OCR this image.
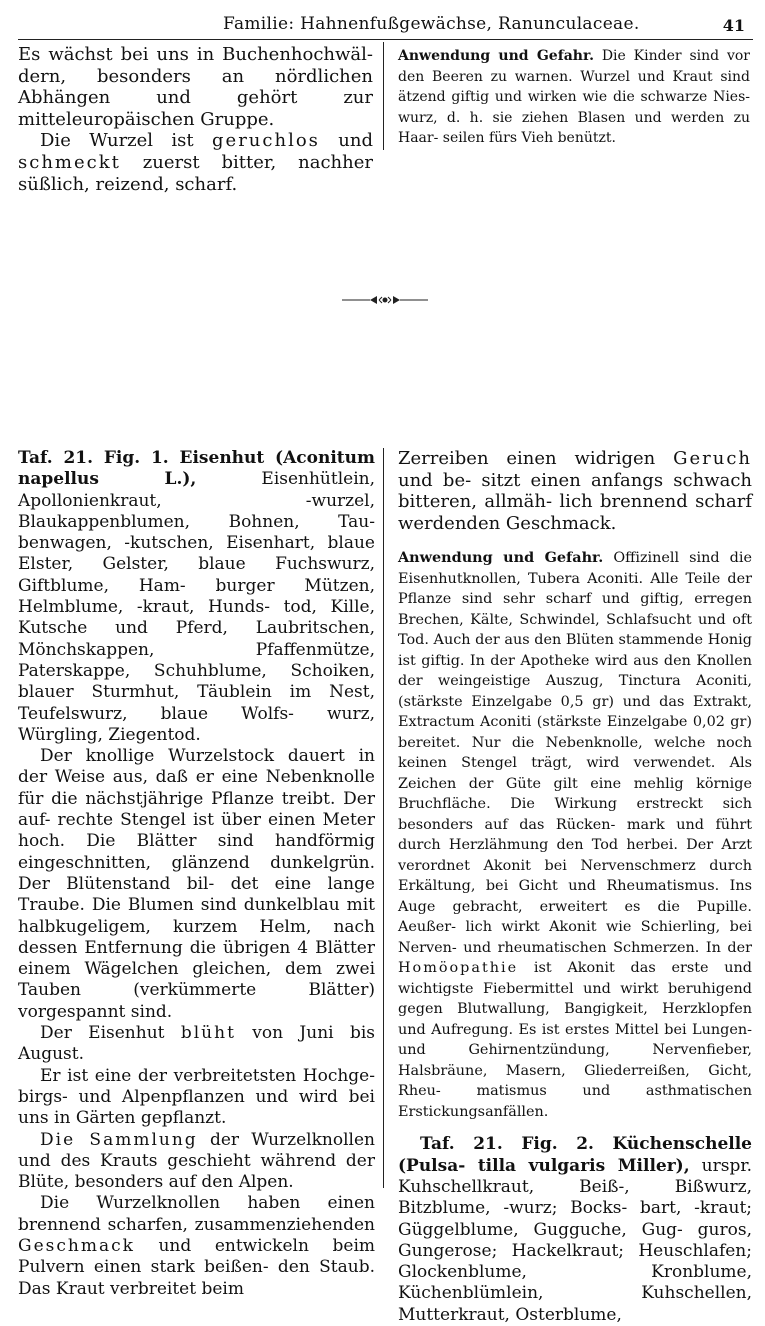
Familie: Hahnenfußgewächse, Ranunculaceae.	41

Es wächst bei uns in Buchenhochwäl- dern, besonders an nördlichen Abhängen und gehört zur mitteleuropäischen Gruppe.

Die Wurzel ist geruchlos und schmeckt zuerst bitter, nachher süßlich, reizend, scharf.

Anwendung und Gefahr. Die Kinder sind vor den Beeren zu warnen. Wurzel und Kraut sind ätzend giftig und wirken wie die schwarze Nies- wurz, d. h. sie ziehen Blasen und werden zu Haar- seilen fürs Vieh benützt.

Taf. 21. Fig. 1. Eisenhut (Aconitum napellus L.), Eisenhütlein, Apollonienkraut, -wurzel, Blaukappenblumen, Bohnen, Tau- benwagen, -kutschen, Eisenhart, blaue Elster, Gelster, blaue Fuchswurz, Giftblume, Ham- burger Mützen, Helmblume, -kraut, Hunds- tod, Kille, Kutsche und Pferd, Laubritschen, Mönchskappen, Pfaffenmütze, Paterskappe, Schuhblume, Schoiken, blauer Sturmhut, Täublein im Nest, Teufelswurz, blaue Wolfs- wurz, Würgling, Ziegentod.

Der knollige Wurzelstock dauert in der Weise aus, daß er eine Nebenknolle für die nächstjährige Pflanze treibt. Der auf- rechte Stengel ist über einen Meter hoch. Die Blätter sind handförmig eingeschnitten, glänzend dunkelgrün. Der Blütenstand bil- det eine lange Traube. Die Blumen sind dunkelblau mit halbkugeligem, kurzem Helm, nach dessen Entfernung die übrigen 4 Blätter einem Wägelchen gleichen, dem zwei Tauben (verkümmerte Blätter) vorgespannt sind.

Der Eisenhut blüht von Juni bis August.

Er ist eine der verbreitetsten Hochge- birgs- und Alpenpflanzen und wird bei uns in Gärten gepflanzt.

Die Sammlung der Wurzelknollen und des Krauts geschieht während der Blüte, besonders auf den Alpen.

Die Wurzelknollen haben einen brennend scharfen, zusammenziehenden Geschmack und entwickeln beim Pulvern einen stark beißen- den Staub. Das Kraut verbreitet beim

Zerreiben einen widrigen Geruch und be- sitzt einen anfangs schwach bitteren, allmäh- lich brennend scharf werdenden Geschmack.

Anwendung und Gefahr. Offizinell sind die Eisenhutknollen, Tubera Aconiti. Alle Teile der Pflanze sind sehr scharf und giftig, erregen Brechen, Kälte, Schwindel, Schlafsucht und oft Tod. Auch der aus den Blüten stammende Honig ist giftig. In der Apotheke wird aus den Knollen der weingeistige Auszug, Tinctura Aconiti, (stärkste Einzelgabe 0,5 gr) und das Extrakt, Extractum Aconiti (stärkste Einzelgabe 0,02 gr) bereitet. Nur die Nebenknolle, welche noch keinen Stengel trägt, wird verwendet. Als Zeichen der Güte gilt eine mehlig körnige Bruchfläche. Die Wirkung erstreckt sich besonders auf das Rücken- mark und führt durch Herzlähmung den Tod herbei. Der Arzt verordnet Akonit bei Nervenschmerz durch Erkältung, bei Gicht und Rheumatismus. Ins Auge gebracht, erweitert es die Pupille. Aeußer- lich wirkt Akonit wie Schierling, bei Nerven- und rheumatischen Schmerzen. In der Homöopathie ist Akonit das erste und wichtigste Fiebermittel und wirkt beruhigend gegen Blutwallung, Bangigkeit, Herzklopfen und Aufregung. Es ist erstes Mittel bei Lungen- und Gehirnentzündung, Nervenfieber, Halsbräune, Masern, Gliederreißen, Gicht, Rheu- matismus und asthmatischen Erstickungsanfällen.

Taf. 21. Fig. 2. Küchenschelle (Pulsa- tilla vulgaris Miller), urspr. Kuhschellkraut, Beiß-, Bißwurz, Bitzblume, -wurz; Bocks- bart, -kraut; Güggelblume, Gugguche, Gug- guros, Gungerose; Hackelkraut; Heuschlafen; Glockenblume, Kronblume, Küchenblümlein, Kuhschellen, Mutterkraut, Osterblume,
